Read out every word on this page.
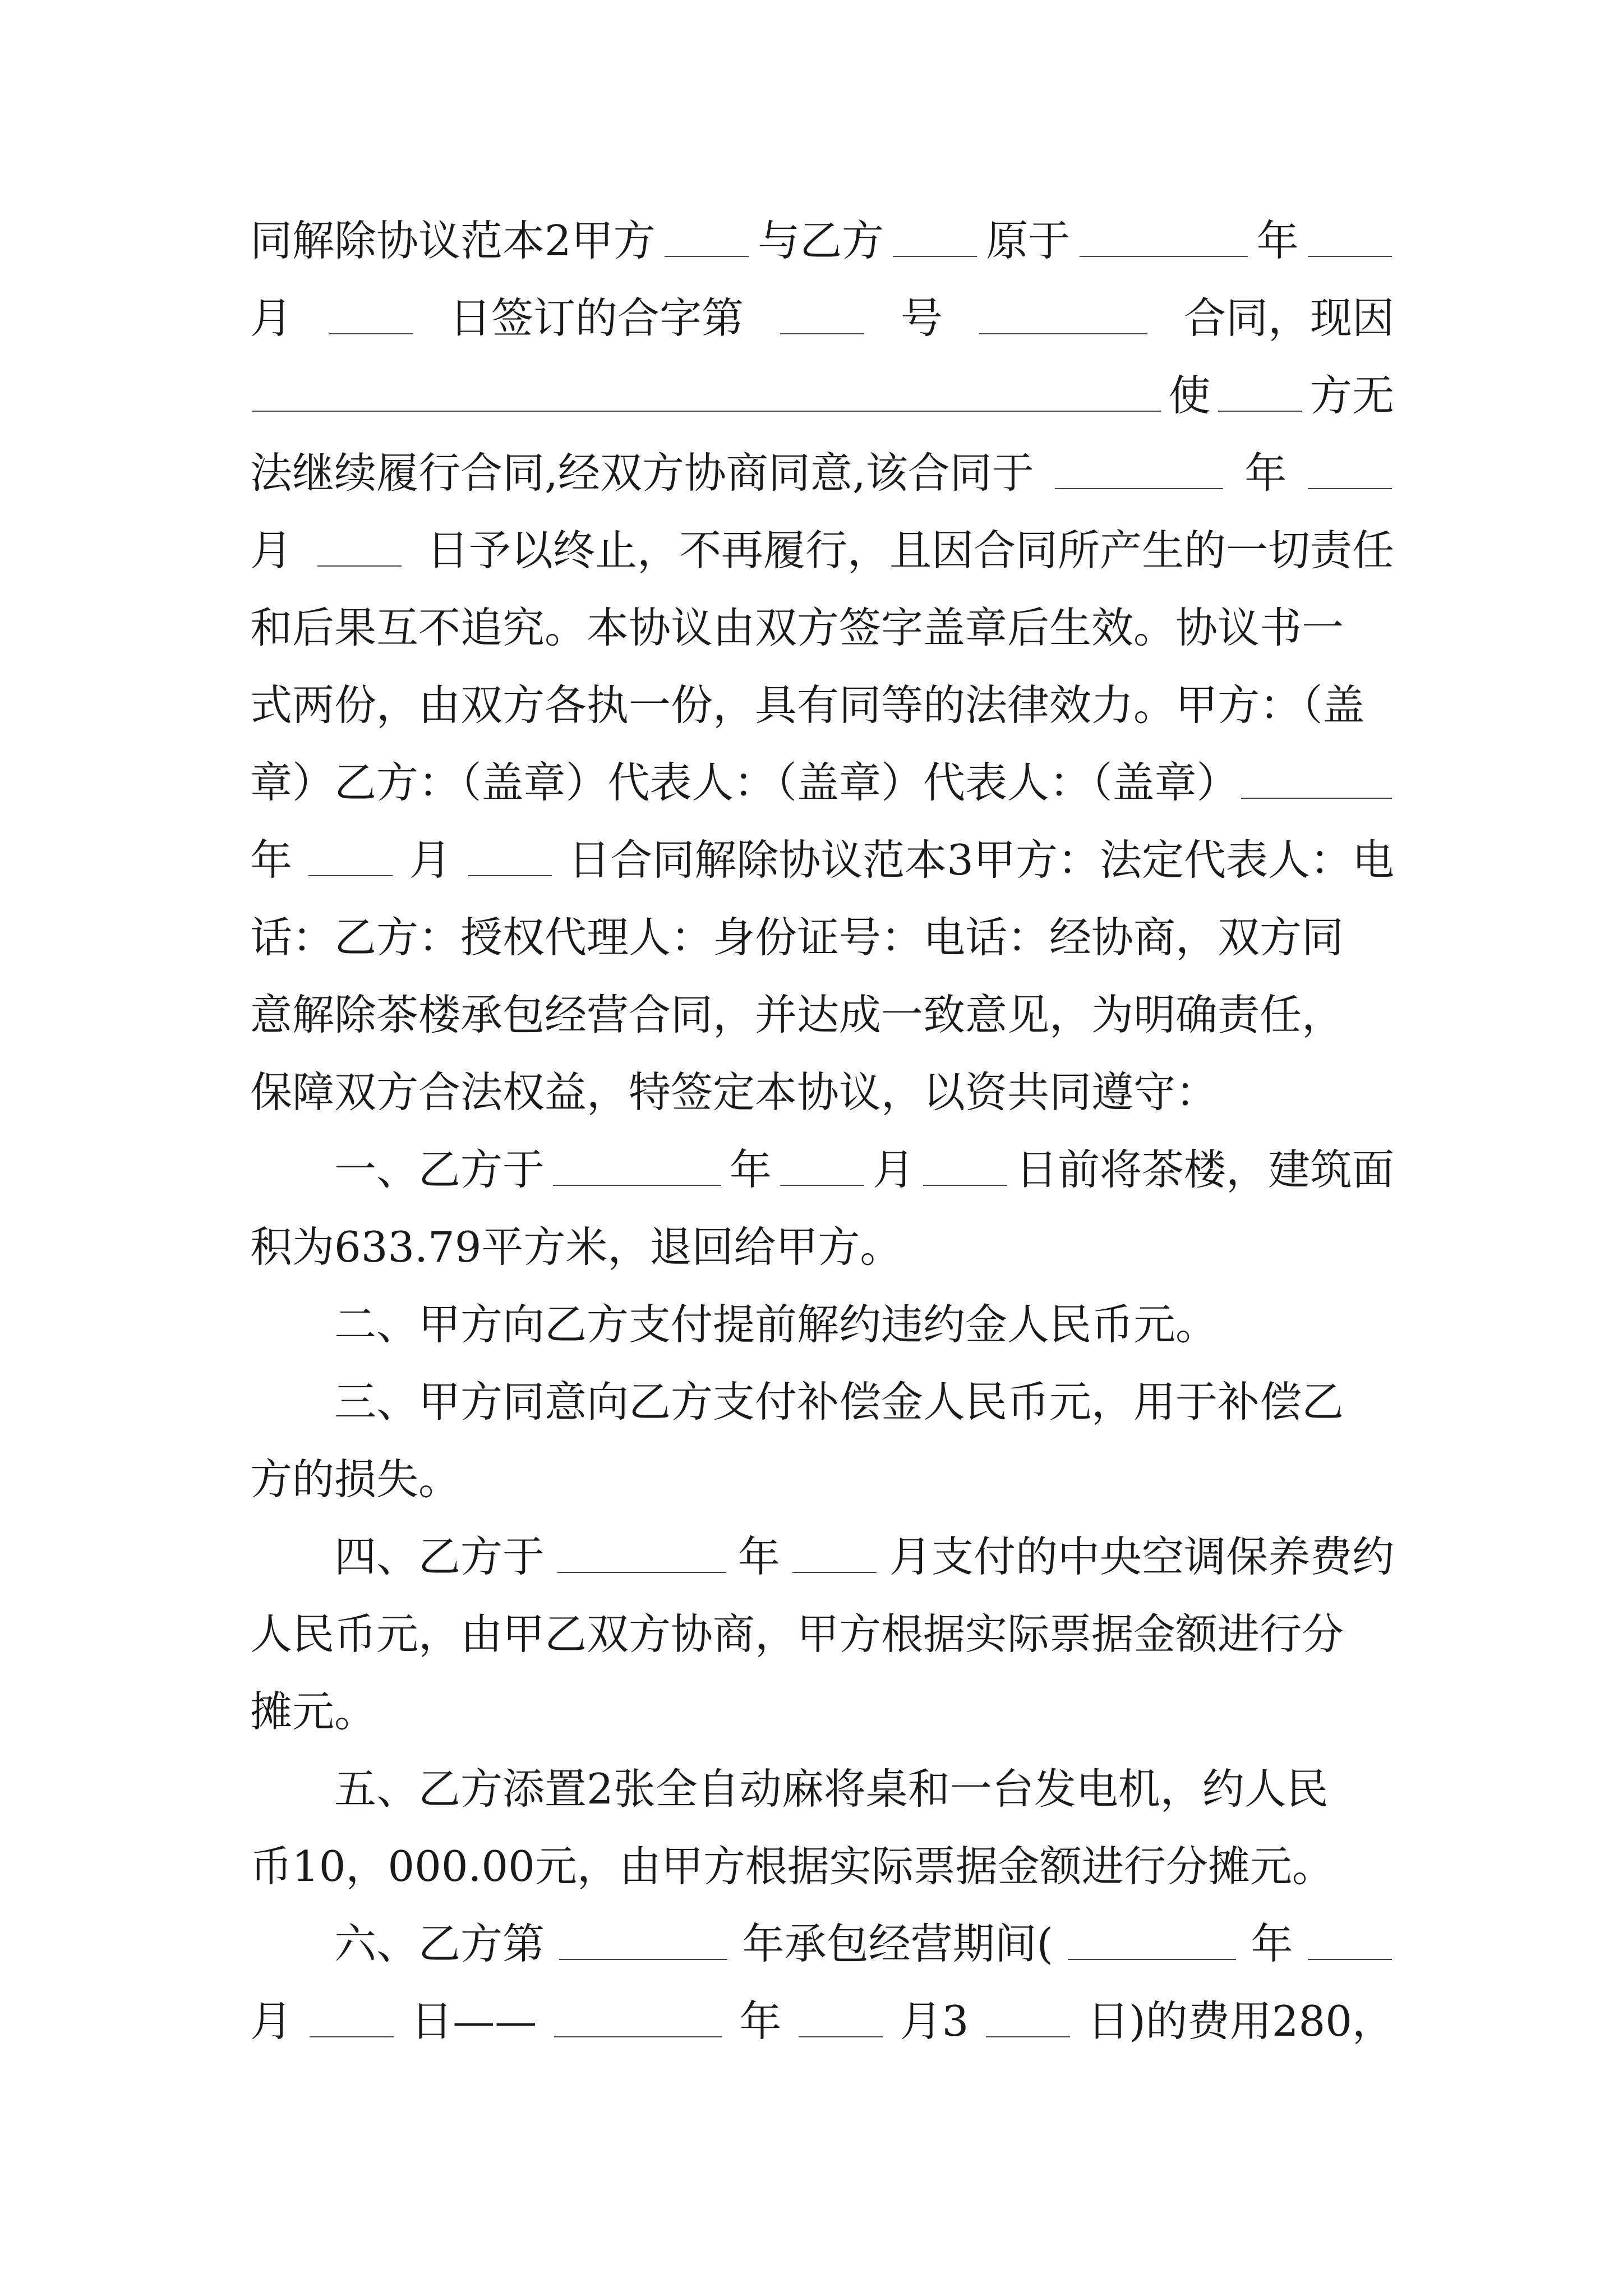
同解除协议范本2甲方 与乙方 原于	年
月	日签订的合字第	号	合同，现因
使 方无
法继续履行合同,经双方协商同意,该合同于	年
月	日予以终止，不再履行，且因合同所产生的一切责任
和后果互不追究。本协议由双方签字盖章后生效。协议书一
式两份，由双方各执一份，具有同等的法律效力。甲方：（盖
章）乙方：（盖章）代表人：（盖章）代表人：（盖章）
年	月	日合同解除协议范本3甲方：法定代表人：电
话：乙方：授权代理人：身份证号：电话：经协商，双方同
意解除茶楼承包经营合同，并达成一致意见，为明确责任，
保障双方合法权益，特签定本协议，以资共同遵守：
一、乙方于	年 月 日前将茶楼，建筑面
积为633.79平方米，退回给甲方。
二、甲方向乙方支付提前解约违约金人民币元。
三、甲方同意向乙方支付补偿金人民币元，用于补偿乙
方的损失。
四、乙方于	年	月支付的中央空调保养费约
人民币元，由甲乙双方协商，甲方根据实际票据金额进行分
摊元。
五、乙方添置2张全自动麻将桌和一台发电机，约人民
币10，000.00元，由甲方根据实际票据金额进行分摊元。
六、乙方第	年承包经营期间(	年
月	日——	年	月3	日)的费用280，
